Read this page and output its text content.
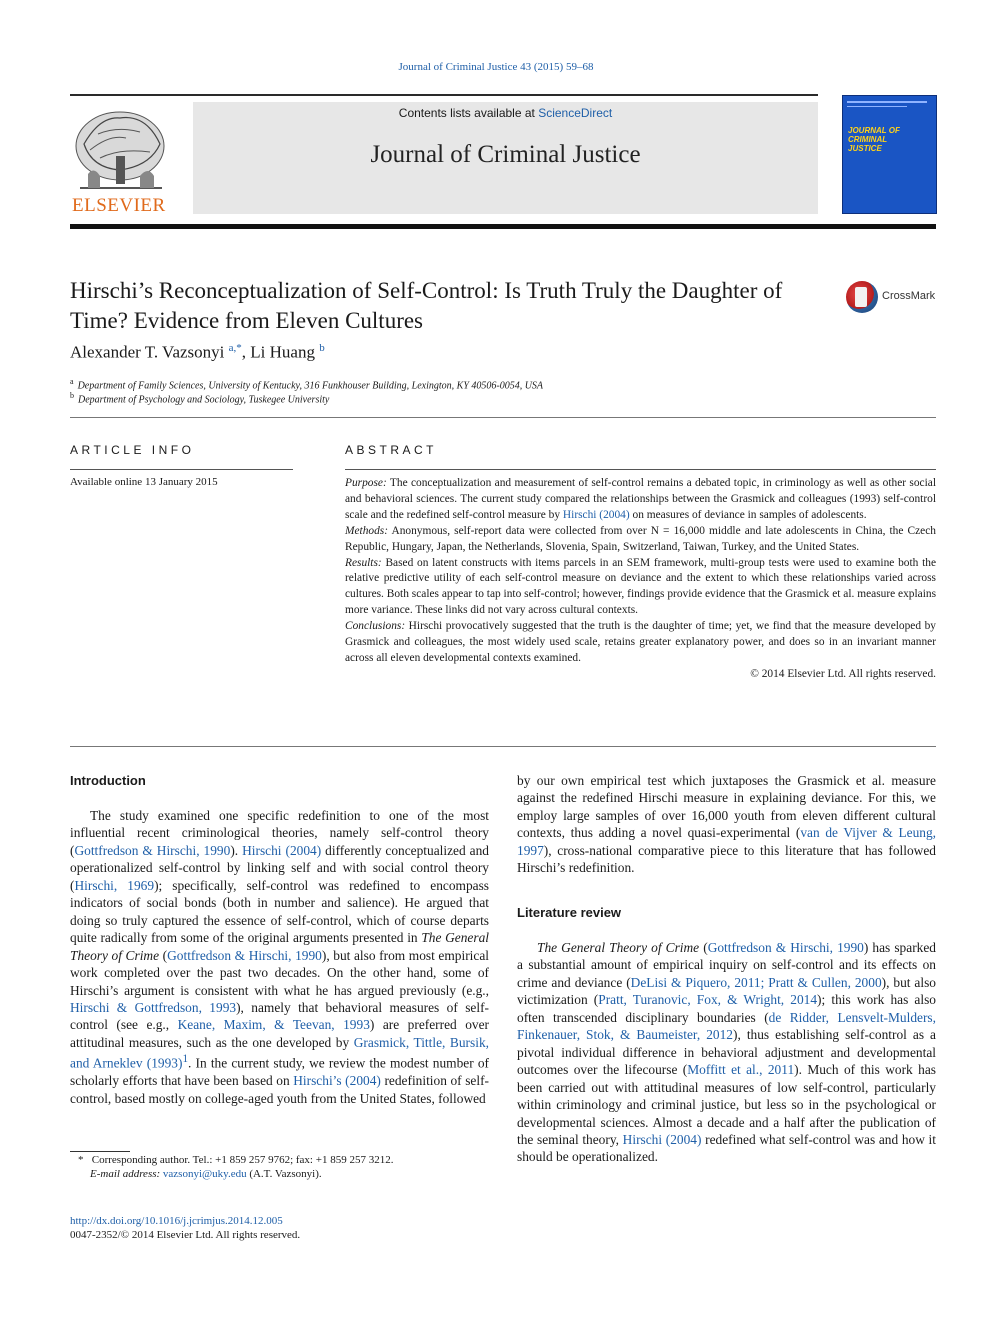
Journal of Criminal Justice 43 (2015) 59–68
ELSEVIER
Contents lists available at ScienceDirect
Journal of Criminal Justice
JOURNAL OF CRIMINAL JUSTICE
Hirschi’s Reconceptualization of Self-Control: Is Truth Truly the Daughter of Time? Evidence from Eleven Cultures
CrossMark
Alexander T. Vazsonyi $^{a,*}$, Li Huang $^b$
$^a$ Department of Family Sciences, University of Kentucky, 316 Funkhouser Building, Lexington, KY 40506-0054, USA
$^b$ Department of Psychology and Sociology, Tuskegee University
ARTICLE INFO
Available online 13 January 2015
ABSTRACT

Purpose: The conceptualization and measurement of self-control remains a debated topic, in criminology as well as other social and behavioral sciences. The current study compared the relationships between the Grasmick and colleagues (1993) self-control scale and the redefined self-control measure by Hirschi (2004) on measures of deviance in samples of adolescents.

Methods: Anonymous, self-report data were collected from over N = 16,000 middle and late adolescents in China, the Czech Republic, Hungary, Japan, the Netherlands, Slovenia, Spain, Switzerland, Taiwan, Turkey, and the United States.

Results: Based on latent constructs with items parcels in an SEM framework, multi-group tests were used to examine both the relative predictive utility of each self-control measure on deviance and the extent to which these relationships varied across cultures. Both scales appear to tap into self-control; however, findings provide evidence that the Grasmick et al. measure explains more variance. These links did not vary across cultural contexts.

Conclusions: Hirschi provocatively suggested that the truth is the daughter of time; yet, we find that the measure developed by Grasmick and colleagues, the most widely used scale, retains greater explanatory power, and does so in an invariant manner across all eleven developmental contexts examined.

© 2014 Elsevier Ltd. All rights reserved.

Introduction

The study examined one specific redefinition to one of the most influential recent criminological theories, namely self-control theory (Gottfredson & Hirschi, 1990). Hirschi (2004) differently conceptualized and operationalized self-control by linking self and with social control theory (Hirschi, 1969); specifically, self-control was redefined to encompass indicators of social bonds (both in number and salience). He argued that doing so truly captured the essence of self-control, which of course departs quite radically from some of the original arguments presented in The General Theory of Crime (Gottfredson & Hirschi, 1990), but also from most empirical work completed over the past two decades. On the other hand, some of Hirschi’s argument is consistent with what he has argued previously (e.g., Hirschi & Gottfredson, 1993), namely that behavioral measures of self-control (see e.g., Keane, Maxim, & Teevan, 1993) are preferred over attitudinal measures, such as the one developed by Grasmick, Tittle, Bursik, and Arneklev $(1993)^1$. In the current study, we review the modest number of scholarly efforts that have been based on Hirschi’s (2004) redefinition of self-control, based mostly on college-aged youth from the United States, followed

by our own empirical test which juxtaposes the Grasmick et al. measure against the redefined Hirschi measure in explaining deviance. For this, we employ large samples of over 16,000 youth from eleven different cultural contexts, thus adding a novel quasi-experimental (van de Vijver & Leung, 1997), cross-national comparative piece to this literature that has followed Hirschi’s redefinition.

Literature review

The General Theory of Crime (Gottfredson & Hirschi, 1990) has sparked a substantial amount of empirical inquiry on self-control and its effects on crime and deviance (DeLisi & Piquero, 2011; Pratt & Cullen, 2000), but also victimization (Pratt, Turanovic, Fox, & Wright, 2014); this work has also often transcended disciplinary boundaries (de Ridder, Lensvelt-Mulders, Finkenauer, Stok, & Baumeister, 2012), thus establishing self-control as a pivotal individual difference in behavioral adjustment and developmental outcomes over the lifecourse (Moffitt et al., 2011). Much of this work has been carried out with attitudinal measures of low self-control, particularly within criminology and criminal justice, but less so in the psychological or developmental sciences. Almost a decade and a half after the publication of the seminal theory, Hirschi (2004) redefined what self-control was and how it should be operationalized.

*   Corresponding author. Tel.: +1 859 257 9762; fax: +1 859 257 3212.
E-mail address: vazsonyi@uky.edu (A.T. Vazsonyi).
http://dx.doi.org/10.1016/j.jcrimjus.2014.12.005
0047-2352/© 2014 Elsevier Ltd. All rights reserved.
